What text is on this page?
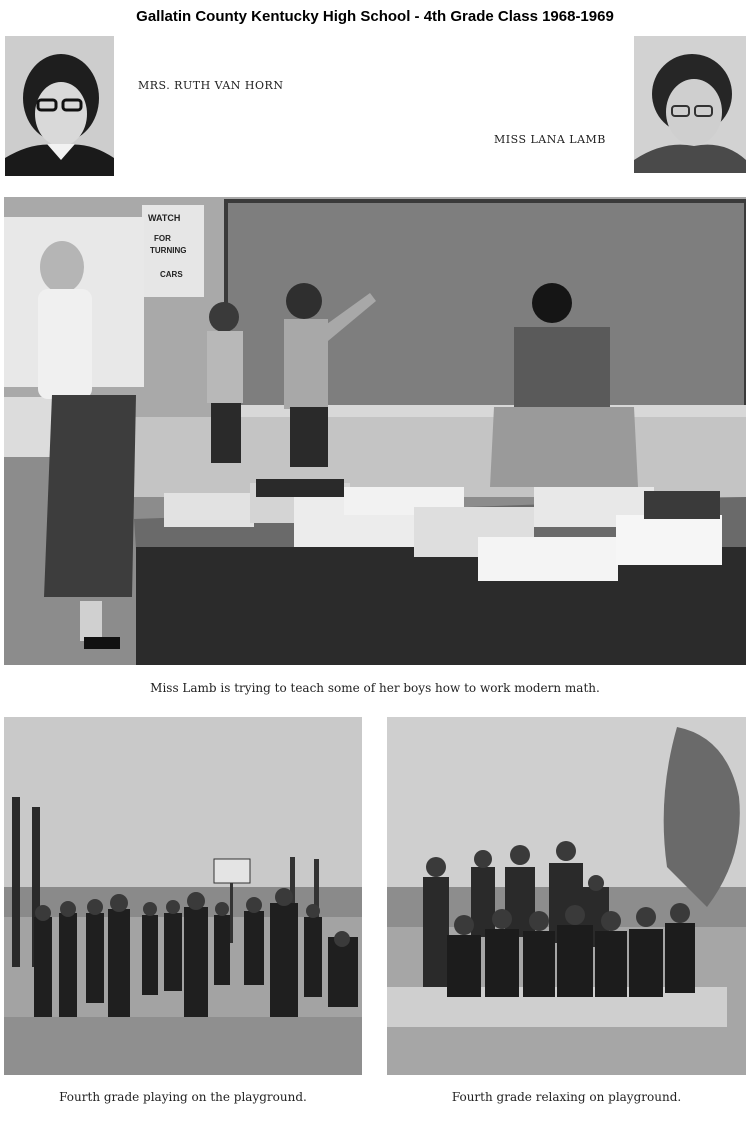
Gallatin County Kentucky High School - 4th Grade Class 1968-1969
MRS. RUTH VAN HORN
MISS LANA LAMB
WATCH
FOR
TURNING
CARS
Miss Lamb is trying to teach some of her boys how to work modern math.
Fourth grade playing on the playground.	Fourth grade relaxing on playground.
